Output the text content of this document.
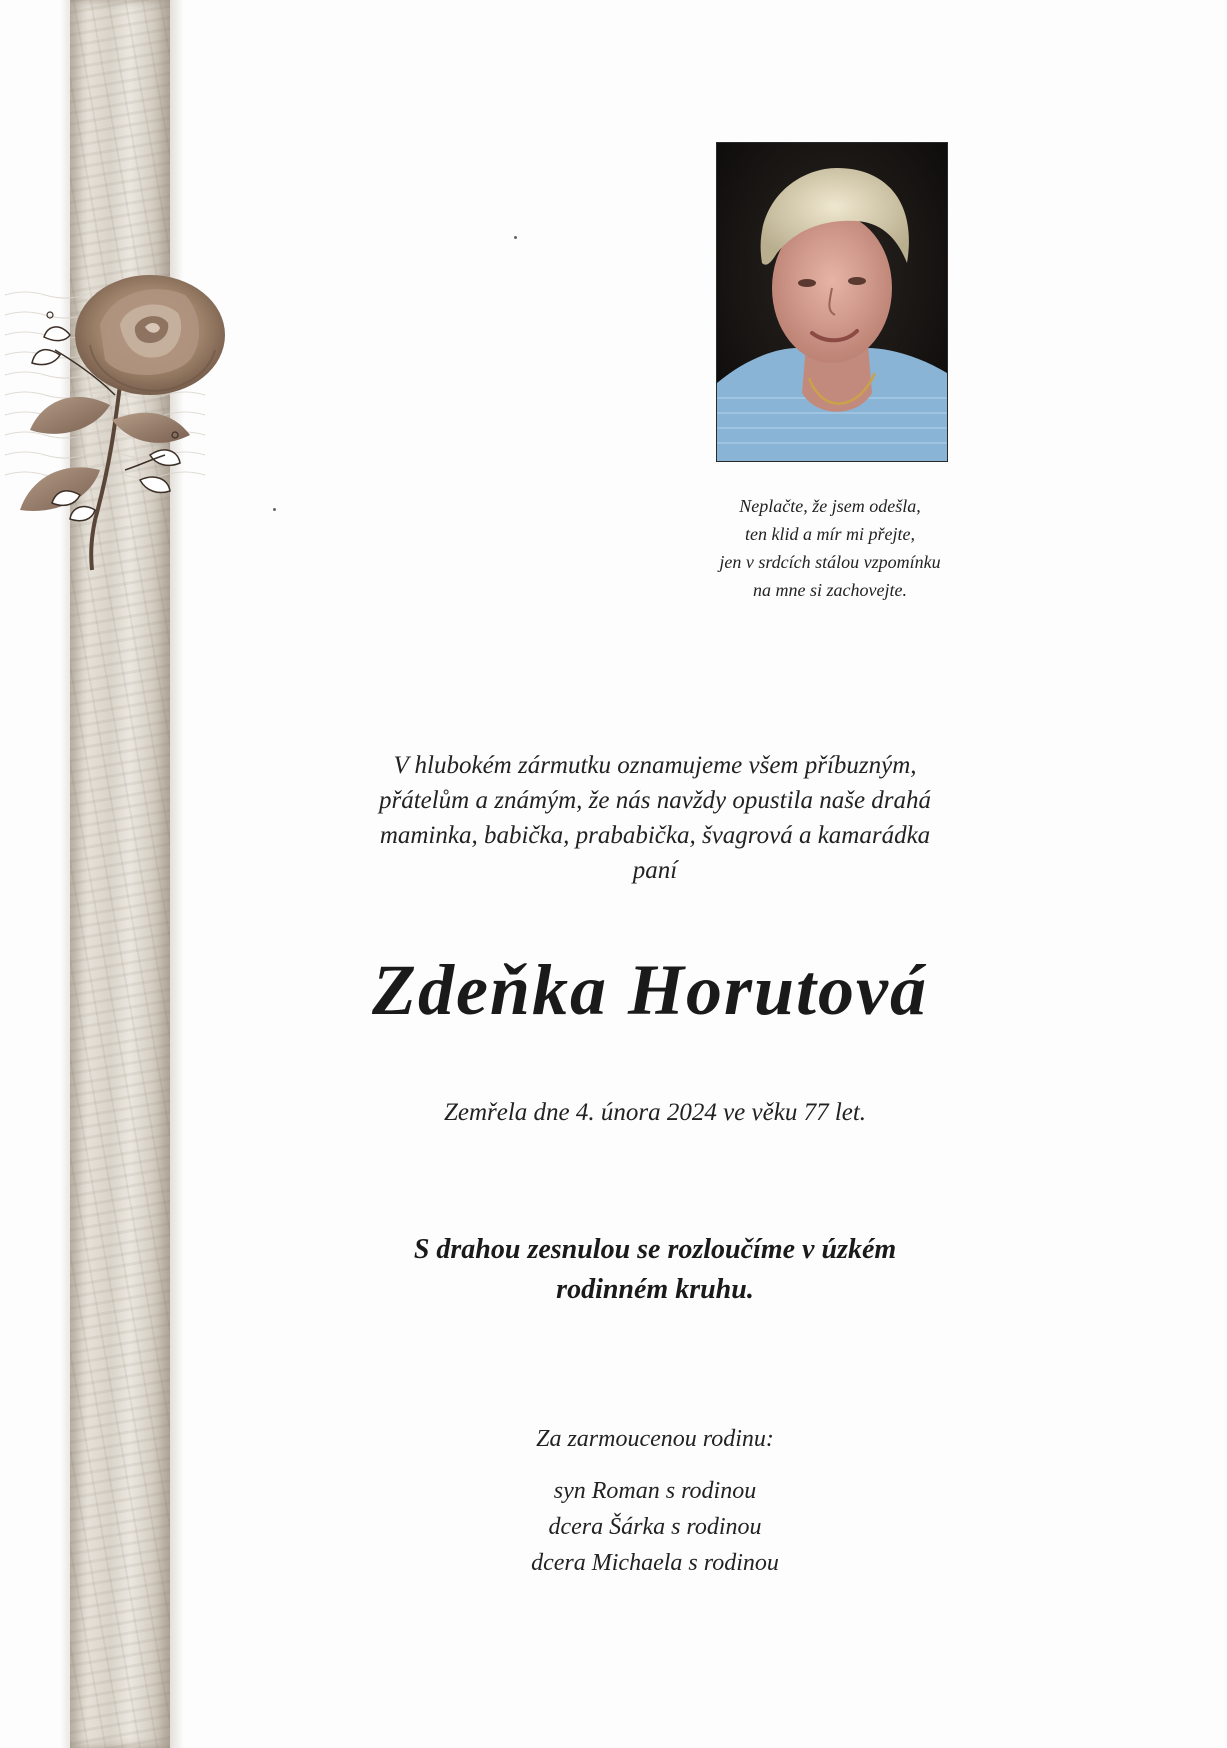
Neplačte, že jsem odešla,
ten klid a mír mi přejte,
jen v srdcích stálou vzpomínku
na mne si zachovejte.
V hlubokém zármutku oznamujeme všem příbuzným,
přátelům a známým, že nás navždy opustila naše drahá
maminka, babička, prababička, švagrová a kamarádka
paní
Zdeňka Horutová
Zemřela dne 4. února 2024 ve věku 77 let.
S drahou zesnulou se rozloučíme v úzkém
rodinném kruhu.
Za zarmoucenou rodinu:
syn Roman s rodinou
dcera Šárka s rodinou
dcera Michaela s rodinou
